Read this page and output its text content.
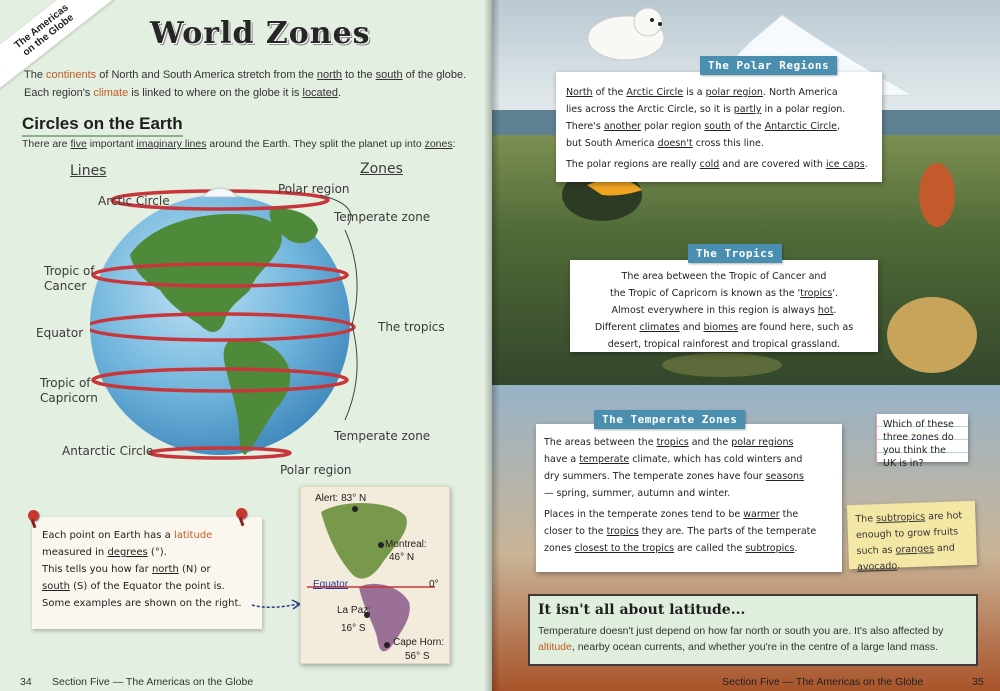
The Americas on the Globe World Zones
The continents of North and South America stretch from the north to the south of the globe.
Each region's climate is linked to where on the globe it is located.
Circles on the Earth
There are five important imaginary lines around the Earth. They split the planet up into zones:
Lines	Zones
Arctic Circle
Tropic of Cancer
Equator
Tropic of Capricorn
Antarctic Circle
Polar region
Temperate zone
The tropics
Temperate zone
Polar region
Each point on Earth has a latitude
measured in degrees (°).
This tells you how far north (N) or
south (S) of the Equator the point is.
Some examples are shown on the right.
Alert: 83° N
Montreal:
46° N
Equator	0°
La Paz:
16° S
Cape Horn:
56° S
34 Section Five — The Americas on the Globe

North of the Arctic Circle is a polar region. North America
lies across the Arctic Circle, so it is partly in a polar region.
There's another polar region south of the Antarctic Circle,
but South America doesn't cross this line.

The polar regions are really cold and are covered with ice caps.

The Polar Regions

The area between the Tropic of Cancer and
the Tropic of Capricorn is known as the 'tropics'.
Almost everywhere in this region is always hot.
Different climates and biomes are found here, such as
desert, tropical rainforest and tropical grassland.

The Tropics

The areas between the tropics and the polar regions
have a temperate climate, which has cold winters and
dry summers. The temperate zones have four seasons
— spring, summer, autumn and winter.

Places in the temperate zones tend to be warmer the
closer to the tropics they are. The parts of the temperate
zones closest to the tropics are called the subtropics.

The Temperate Zones	Which of these three zones do you think the UK is in?
The subtropics are hot enough to grow fruits such as oranges and avocado.
It isn't all about latitude...

Temperature doesn't just depend on how far north or south you are. It's also affected by altitude, nearby ocean currents, and whether you're in the centre of a large land mass.

Section Five — The Americas on the Globe	35
